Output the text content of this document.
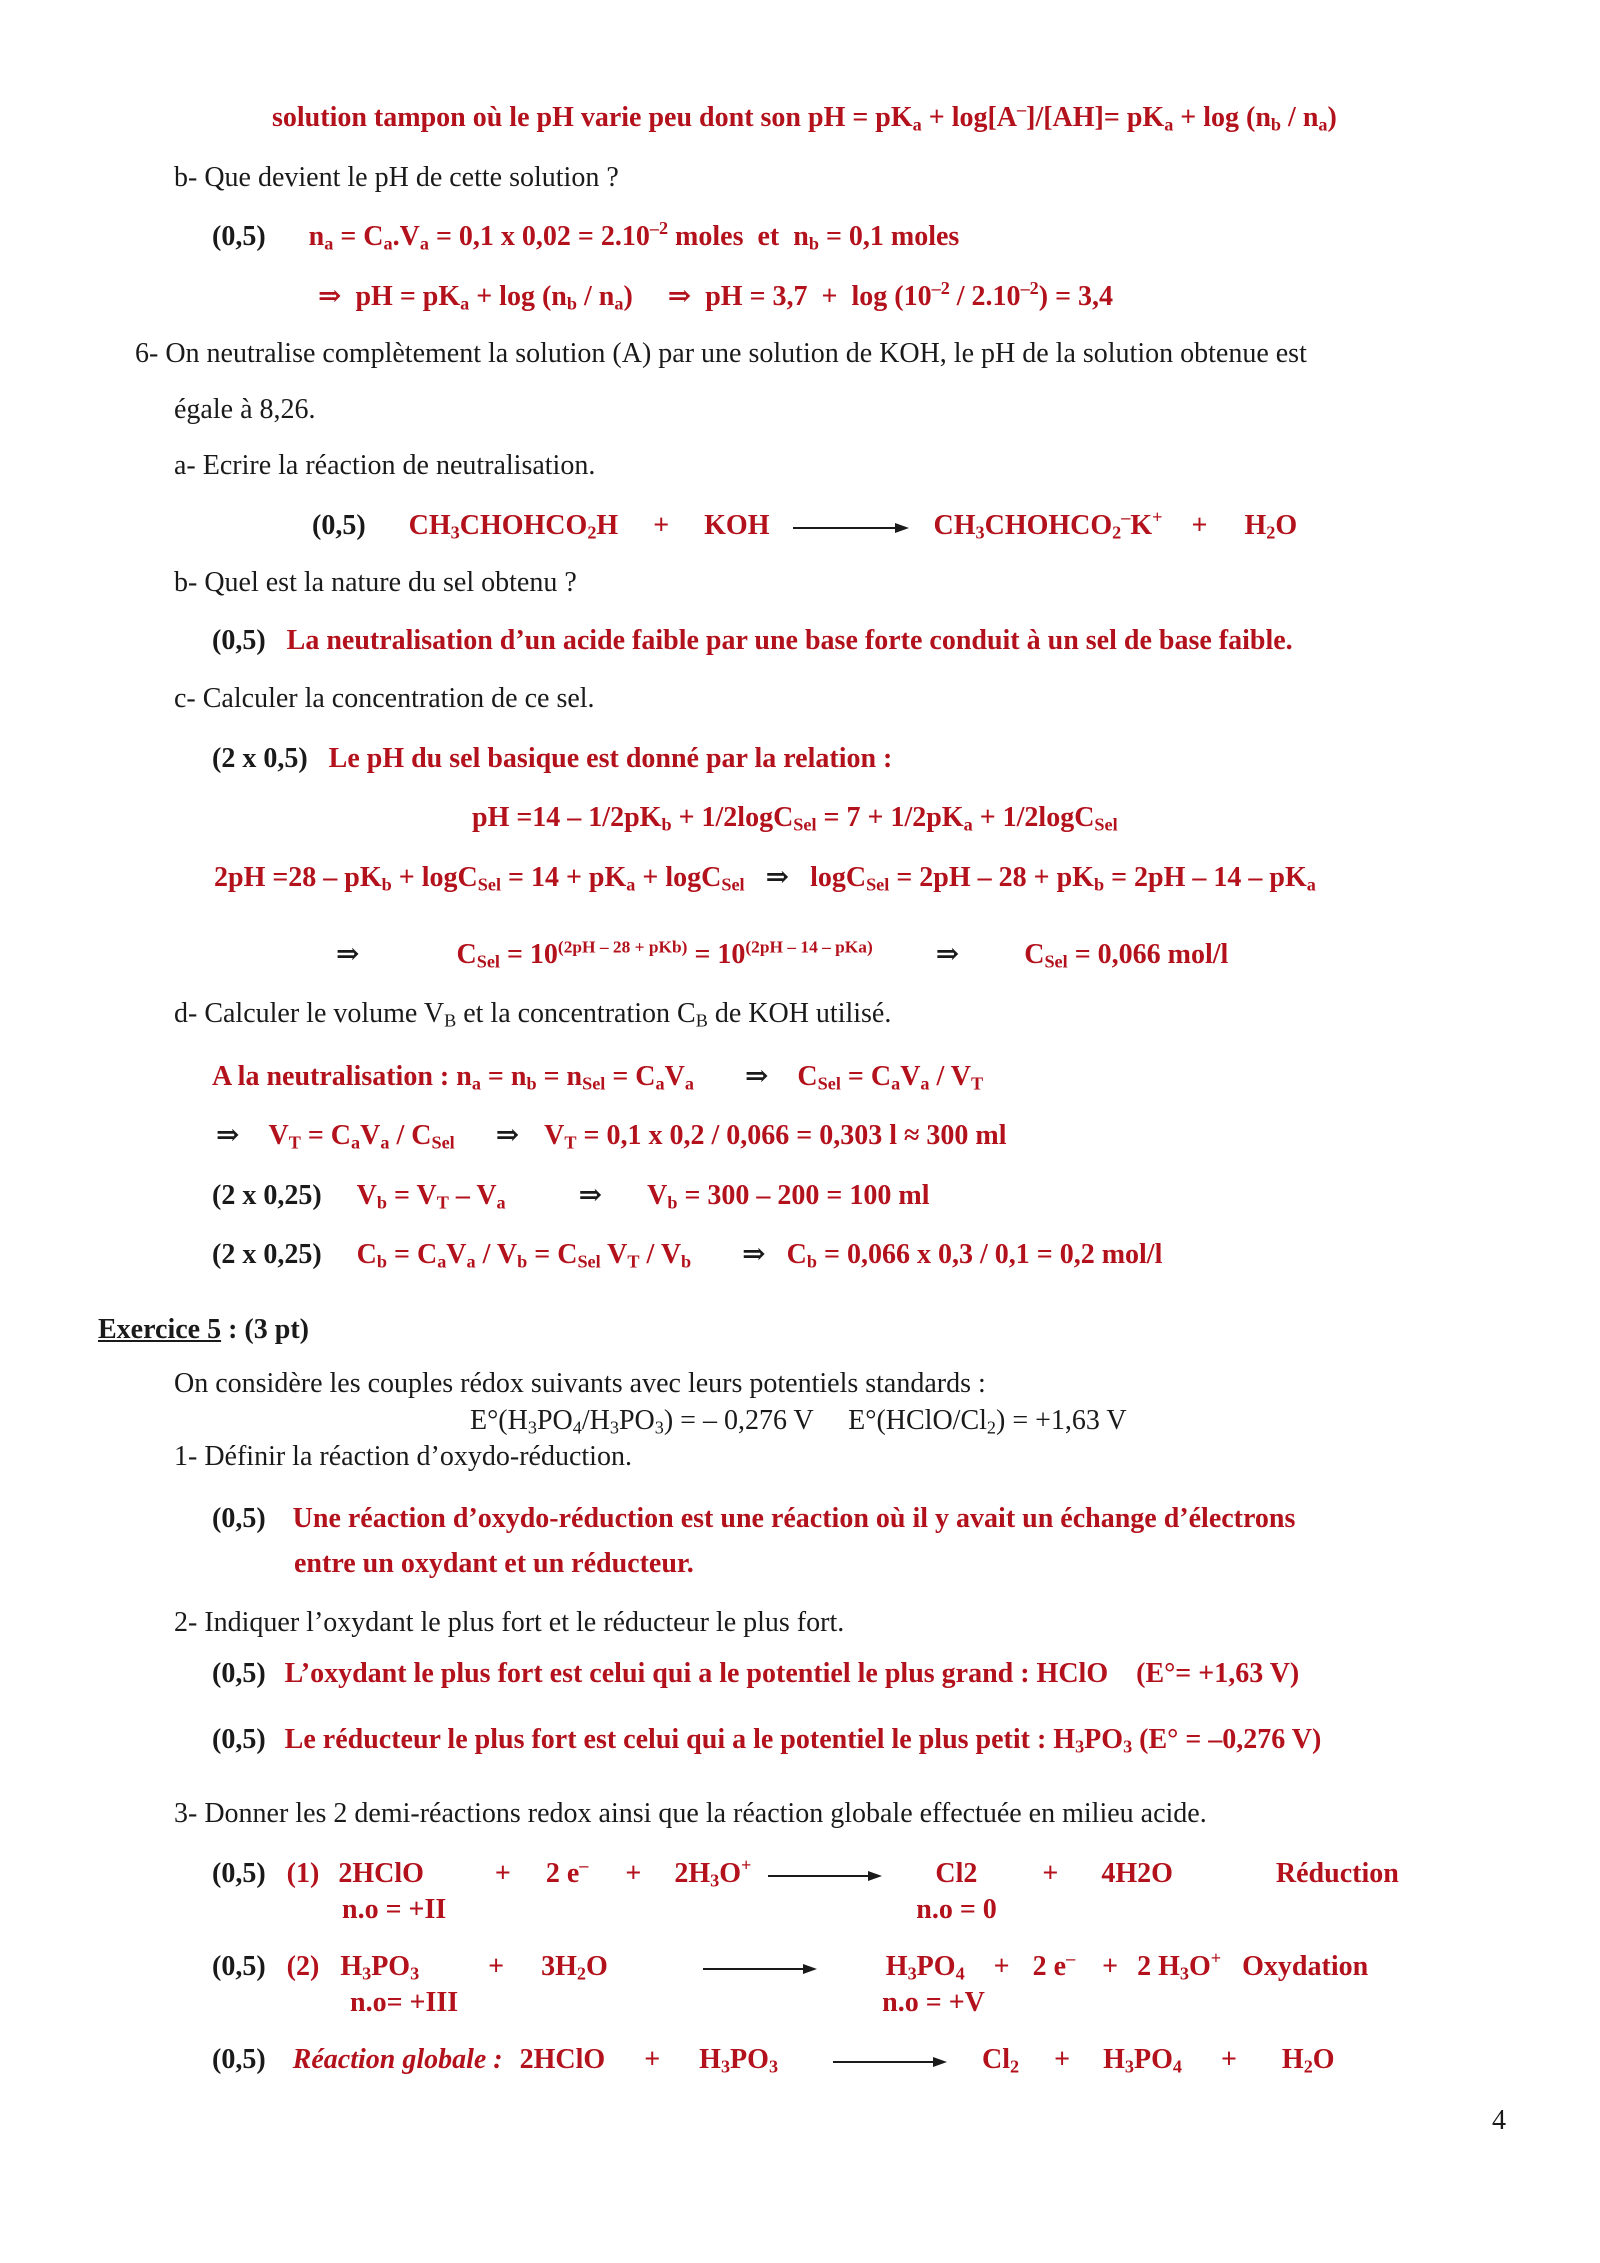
solution tampon où le pH varie peu dont son pH = $pK_a + \log[A^-]/[AH]= pK_a + \log (n_b / n_a)$
b- Que devient le pH de cette solution ?
(0,5) $n_a = C_a.V_a = 0,1$ x $0,02 = 2.10^{-2}$ moles  et  $n_b = 0,1$ moles
⇒  pH = $pK_a + \log (n_b / n_a)$     ⇒  pH = $3,7 + \log (10^{-2} / 2.10^{-2}) = 3,4$
6- On neutralise complètement la solution (A) par une solution de KOH, le pH de la solution obtenue est
égale à 8,26.
a- Ecrire la réaction de neutralisation.
(0,5) $CH_3CHOHCO_2H$ + KOH	$CH_3CHOHCO_2^-K^+ + H_2O$
b- Quel est la nature du sel obtenu ?
(0,5) La neutralisation d’un acide faible par une base forte conduit à un sel de base faible.
c- Calculer la concentration de ce sel.
(2 x 0,5) Le pH du sel basique est donné par la relation :
pH $=14 - 1/2pK_b + 1/2\log C_{Sel} = 7 + 1/2pK_a + 1/2\log C_{Sel}$
$2pH =28 - pK_b + \log C_{Sel} = 14 + pK_a + \log C_{Sel}$ ⇒   $\log C_{Sel} = 2pH - 28 + pK_b = 2pH - 14 - pK_a$
⇒	$C_{Sel} = 10^{(2pH - 28 + pKb)} = 10^{(2pH - 14 - pKa)}$ ⇒ $C_{Sel} = 0,066$ mol/l
d- Calculer le volume $V_B$ et la concentration $C_B$ de KOH utilisé.
A la neutralisation : $n_a = n_b = n_{Sel} = C_aV_a$ ⇒ $C_{Sel} = C_aV_a / V_T$
⇒ $V_T = C_aV_a / C_{Sel}$ ⇒ $V_T = 0,1$ x 0,2 / 0,066 = 0,303 l ≈ 300 ml
(2 x 0,25) $V_b = V_T - V_a$	⇒ $V_b = 300 - 200 = 100$ ml
(2 x 0,25) $C_b = C_aV_a / V_b = C_{Sel}$ $V_T / V_b$ ⇒ $C_b = 0,066$ x 0,3 / 0,1 = 0,2 mol/l
Exercice 5 : (3 pt)
On considère les couples rédox suivants avec leurs potentiels standards :
$E^\circ(H_3PO_4/H_3PO_3)$ = – 0,276 V     $E^\circ(HClO/Cl_2) = +1,63$ V
1- Définir la réaction d’oxydo-réduction.
(0,5) Une réaction d’oxydo-réduction est une réaction où il y avait un échange d’électrons
entre un oxydant et un réducteur.
2- Indiquer l’oxydant le plus fort et le réducteur le plus fort.
(0,5) L’oxydant le plus fort est celui qui a le potentiel le plus grand : HClO    (E°= +1,63 V)
(0,5) Le réducteur le plus fort est celui qui a le potentiel le plus petit : $H_3PO_3$ (E° = –0,276 V)
3- Donner les 2 demi-réactions redox ainsi que la réaction globale effectuée en milieu acide.
(0,5) (1) 2HClO	+ 2 $e^- + 2H_3O^+$	Cl2 + 4H2O	Réduction
n.o = +II	n.o = 0
(0,5) (2) $H_3PO_3 + 3H_2O$	$H_3PO_4 + 2$ e– + 2 $H_3O^+$ Oxydation
n.o= +III	n.o = +V
(0,5) Réaction globale : 2HClO + $H_3PO_3$	$Cl_2 + H_3PO_4 + H_2O$
4
